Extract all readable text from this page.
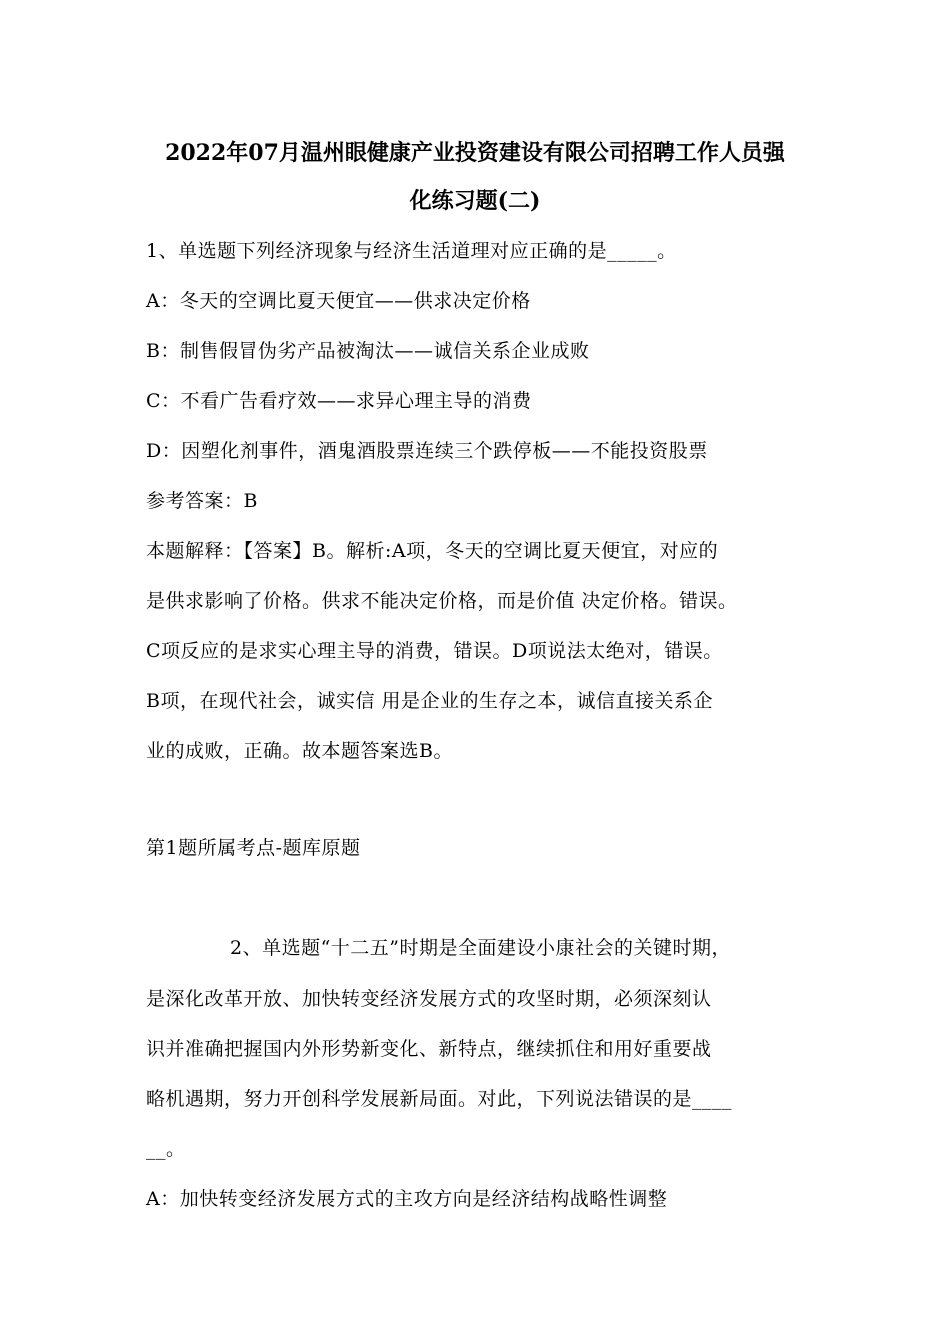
2022年07月温州眼健康产业投资建设有限公司招聘工作人员强
化练习题(二)
1、单选题下列经济现象与经济生活道理对应正确的是_____。
A：冬天的空调比夏天便宜——供求决定价格
B：制售假冒伪劣产品被淘汰——诚信关系企业成败
C：不看广告看疗效——求异心理主导的消费
D：因塑化剂事件，酒鬼酒股票连续三个跌停板——不能投资股票
参考答案：B
本题解释：【答案】B。解析:A项，冬天的空调比夏天便宜，对应的
是供求影响了价格。供求不能决定价格，而是价值 决定价格。错误。
C项反应的是求实心理主导的消费，错误。D项说法太绝对，错误。
B项，在现代社会，诚实信 用是企业的生存之本，诚信直接关系企
业的成败，正确。故本题答案选B。
第1题所属考点-题库原题
2、单选题“十二五”时期是全面建设小康社会的关键时期，
是深化改革开放、加快转变经济发展方式的攻坚时期，必须深刻认
识并准确把握国内外形势新变化、新特点，继续抓住和用好重要战
略机遇期，努力开创科学发展新局面。对此，下列说法错误的是____
__。
A：加快转变经济发展方式的主攻方向是经济结构战略性调整
